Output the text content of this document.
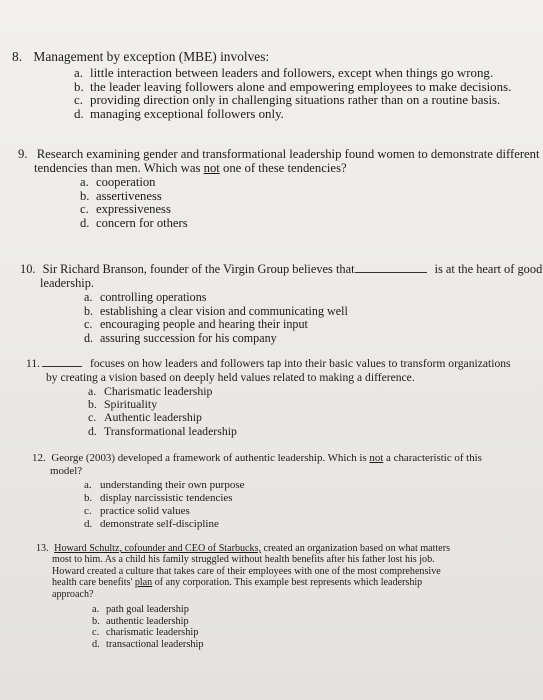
8. Management by exception (MBE) involves:
a. little interaction between leaders and followers, except when things go wrong.
b. the leader leaving followers alone and empowering employees to make decisions.
c. providing direction only in challenging situations rather than on a routine basis.
d. managing exceptional followers only.
9. Research examining gender and transformational leadership found women to demonstrate different
tendencies than men. Which was not one of these tendencies?
a. cooperation
b. assertiveness
c. expressiveness
d. concern for others
10. Sir Richard Branson, founder of the Virgin Group believes that	is at the heart of good
leadership.
a. controlling operations
b. establishing a clear vision and communicating well
c. encouraging people and hearing their input
d. assuring succession for his company
11.	focuses on how leaders and followers tap into their basic values to transform organizations
by creating a vision based on deeply held values related to making a difference.
a. Charismatic leadership
b. Spirituality
c. Authentic leadership
d. Transformational leadership
12. George (2003) developed a framework of authentic leadership. Which is not a characteristic of this
model?
a. understanding their own purpose
b. display narcissistic tendencies
c. practice solid values
d. demonstrate self-discipline
13. Howard Schultz, cofounder and CEO of Starbucks, created an organization based on what matters
most to him. As a child his family struggled without health benefits after his father lost his job.
Howard created a culture that takes care of their employees with one of the most comprehensive
health care benefits' plan of any corporation. This example best represents which leadership
approach?
a. path goal leadership
b. authentic leadership
c. charismatic leadership
d. transactional leadership
